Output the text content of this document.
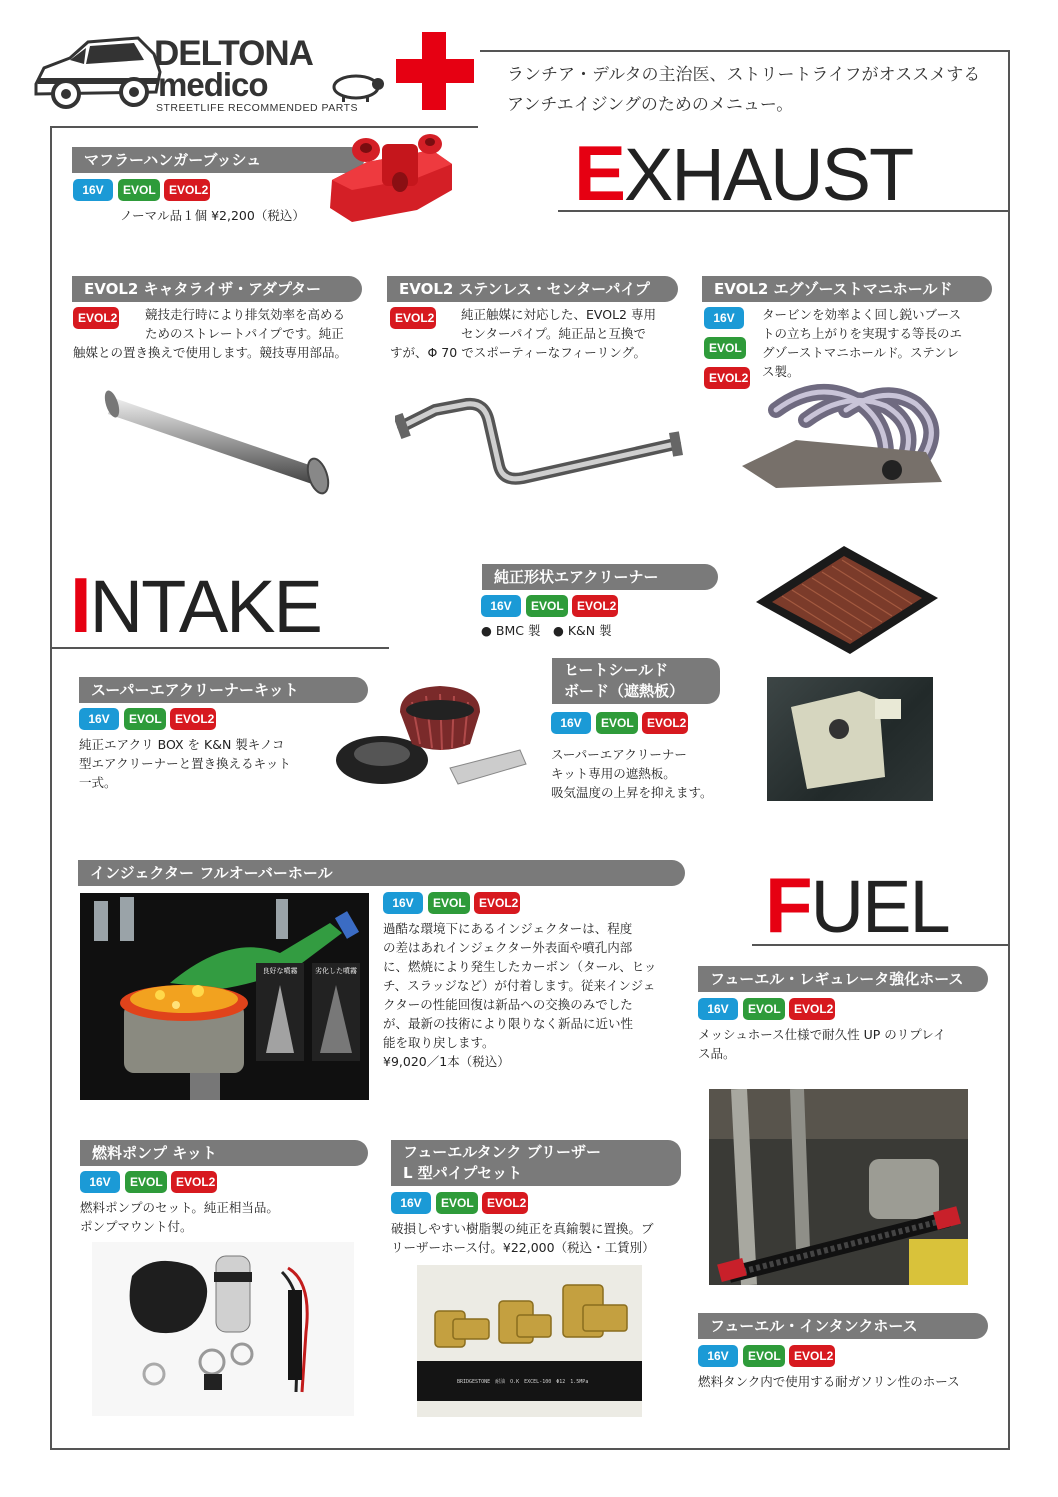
DELTONA
medico
STREETLIFE RECOMMENDED PARTS
ランチア・デルタの主治医、ストリートライフがオススメする
アンチエイジングのためのメニュー。
EXHAUST
マフラーハンガーブッシュ
16V	EVOL	EVOL2
ノーマル品１個 ¥2,200（税込）
EVOL2 キャタライザ・アダプター
EVOL2 競技走行時により排気効率を高める
ためのストレートパイプです。純正
触媒との置き換えで使用します。競技専用部品。
EVOL2 ステンレス・センターパイプ
EVOL2 純正触媒に対応した、EVOL2 専用
センターパイプ。純正品と互換で
すが、Φ 70 でスポーティーなフィーリング。
EVOL2 エグゾーストマニホールド
16V
EVOL
EVOL2
タービンを効率よく回し鋭いブース
トの立ち上がりを実現する等長のエ
グゾーストマニホールド。ステンレ
ス製。
INTAKE	純正形状エアクリーナー
16V	EVOL	EVOL2
● BMC 製　● K&N 製
スーパーエアクリーナーキット
16V	EVOL	EVOL2
純正エアクリ BOX を K&N 製キノコ
型エアクリーナーと置き換えるキット
一式。
ヒートシールド
ボード（遮熱板）
16V	EVOL	EVOL2
スーパーエアクリーナー
キット専用の遮熱板。
吸気温度の上昇を抑えます。
FUEL
インジェクター フルオーバーホール
良好な噴霧	劣化した噴霧
16V	EVOL	EVOL2
過酷な環境下にあるインジェクターは、程度
の差はあれインジェクター外表面や噴孔内部
に、燃焼により発生したカーボン（タール、ヒッ
チ、スラッジなど）が付着します。従来インジェ
クターの性能回復は新品への交換のみでした
が、最新の技術により限りなく新品に近い性
能を取り戻します。
¥9,020／1本（税込）
フューエル・レギュレータ強化ホース
16V	EVOL	EVOL2
メッシュホース仕様で耐久性 UP のリプレイ
ス品。
燃料ポンプ キット
16V	EVOL	EVOL2
燃料ポンプのセット。純正相当品。
ポンプマウント付。
フューエルタンク ブリーザー
L 型パイプセット
16V	EVOL	EVOL2
破損しやすい樹脂製の純正を真鍮製に置換。ブ
リーザーホース付。¥22,000（税込・工賃別）
BRIDGESTONE　耐油　O.K　EXCEL-100　Φ12　1.5MPa
フューエル・インタンクホース
16V	EVOL	EVOL2
燃料タンク内で使用する耐ガソリン性のホース
